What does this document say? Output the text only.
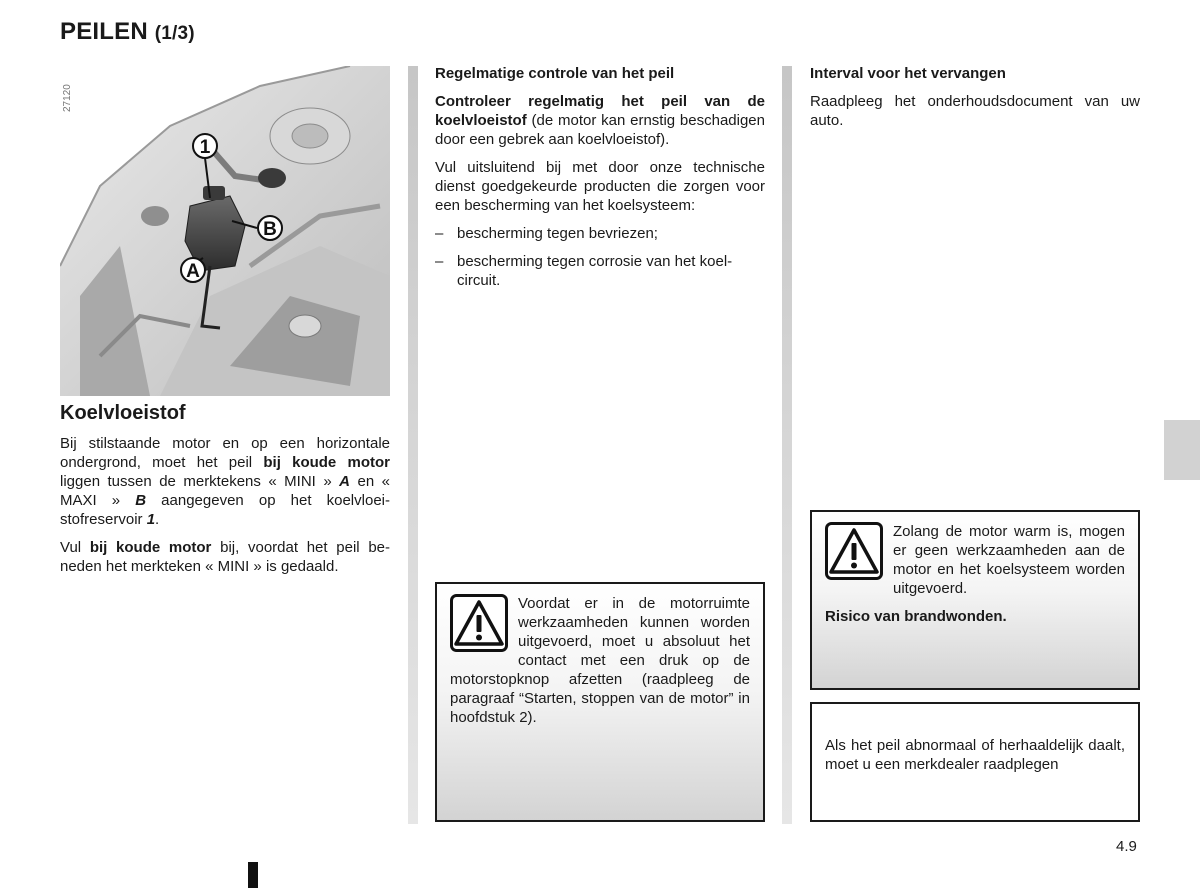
PEILEN (1/3)
1
B
A
27120
Koelvloeistof

Bij stilstaande motor en op een horizontale ondergrond, moet het peil bij koude motor liggen tussen de merktekens « MINI » A en « MAXI » B aangegeven op het koelvloeistofreservoir 1.

Vul bij koude motor bij, voordat het peil beneden het merkteken « MINI » is gedaald.

Regelmatige controle van het peil

Controleer regelmatig het peil van de koelvloeistof (de motor kan ernstig beschadigen door een gebrek aan koelvloeistof).

Vul uitsluitend bij met door onze technische dienst goedgekeurde producten die zorgen voor een bescherming van het koelsysteem:

– bescherming tegen bevriezen;
– bescherming tegen corrosie van het koelcircuit.

Voordat er in de motorruimte werkzaamheden kunnen worden uitgevoerd, moet u absoluut het contact met een druk op de motorstopknop afzetten (raadpleeg de paragraaf “Starten, stoppen van de motor” in hoofdstuk 2).

Interval voor het vervangen

Raadpleeg het onderhoudsdocument van uw auto.

Zolang de motor warm is, mogen er geen werkzaamheden aan de motor en het koelsysteem worden uitgevoerd.

Risico van brandwonden.

Als het peil abnormaal of herhaaldelijk daalt, moet u een merkdealer raadplegen

4.9
